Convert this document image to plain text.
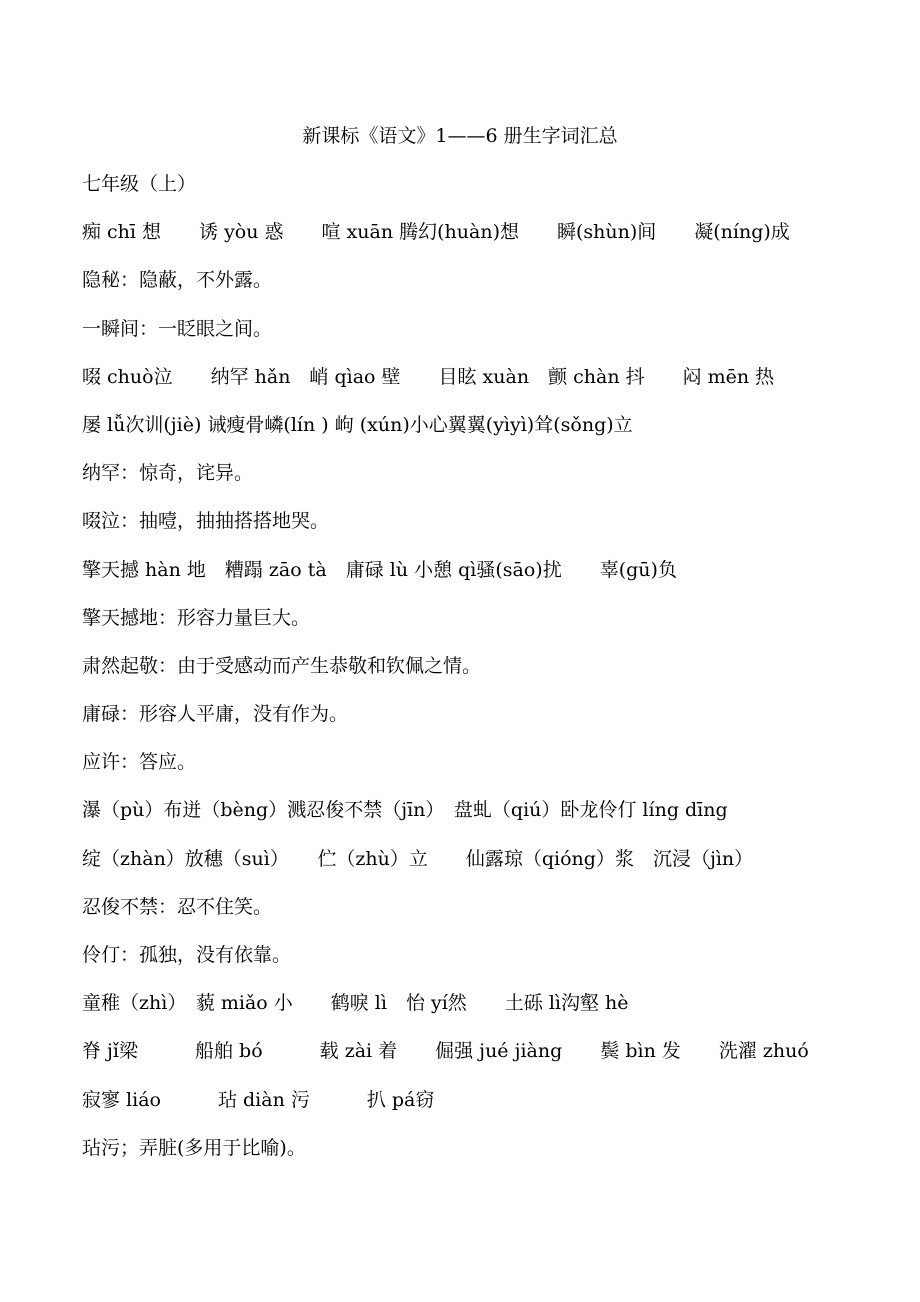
新课标《语文》1——6 册生字词汇总
七年级（上）
痴 chī 想　　诱 yòu 惑　　喧 xuān 腾幻(huàn)想　　瞬(shùn)间　　凝(níng)成
隐秘：隐蔽，不外露。
一瞬间：一眨眼之间。
啜 chuò泣　　纳罕 hǎn　峭 qìao 壁　　目眩 xuàn　颤 chàn 抖　　闷 mēn 热
屡 lǚ次训(jiè) 诫瘦骨嶙(lín ) 岣 (xún)小心翼翼(yìyì)耸(sǒng)立
纳罕：惊奇，诧异。
啜泣：抽噎，抽抽搭搭地哭。
擎天撼 hàn 地　糟蹋 zāo tà　庸碌 lù 小憩 qì骚(sāo)扰　　辜(gū)负
擎天撼地：形容力量巨大。
肃然起敬：由于受感动而产生恭敬和钦佩之情。
庸碌：形容人平庸，没有作为。
应许：答应。
瀑（pù）布迸（bèng）溅忍俊不禁（jīn）　盘虬（qiú）卧龙伶仃 líng dīng
绽（zhàn）放穗（suì）　　伫（zhù）立　　仙露琼（qióng）浆　沉浸（jìn）
忍俊不禁：忍不住笑。
伶仃：孤独，没有依靠。
童稚（zhì）　藐 miǎo 小　　鹤唳 lì　怡 yí然　　土砾 lì沟壑 hè
脊 jǐ梁　　　船舶 bó　　　载 zài 着　　倔强 jué jiàng　　鬓 bìn 发　　洗濯 zhuó
寂寥 liáo　　　玷 diàn 污　　　扒 pá窃
玷污；弄脏(多用于比喻)。
